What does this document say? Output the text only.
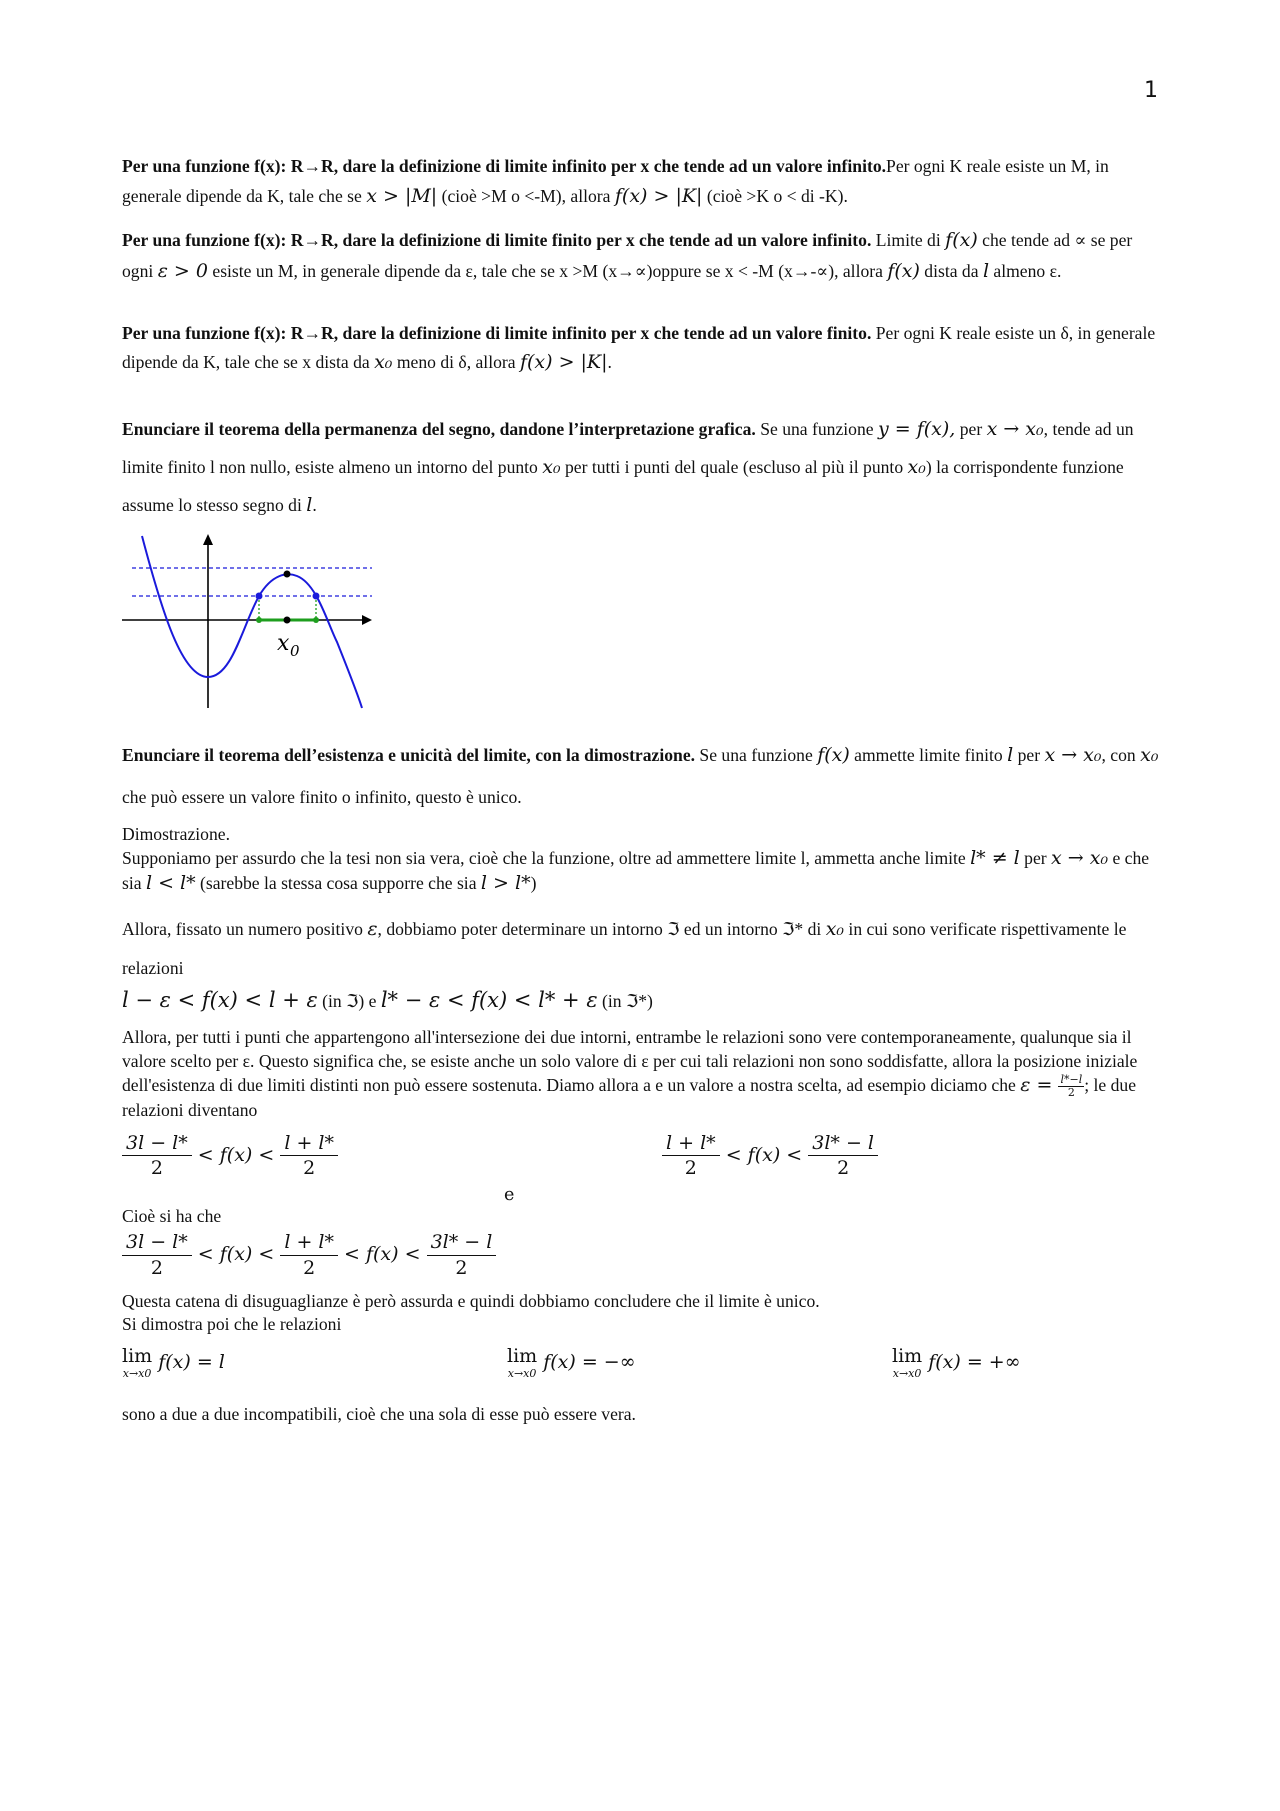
1

Per una funzione f(x): R→R, dare la definizione di limite infinito per x che tende ad un valore infinito.Per ogni K reale esiste un M, in generale dipende da K, tale che se x > |M| (cioè >M o <-M), allora f(x) > |K| (cioè >K o < di -K).

Per una funzione f(x): R→R, dare la definizione di limite finito per x che tende ad un valore infinito. Limite di f(x) che tende ad ∝ se per ogni ε > 0 esiste un M, in generale dipende da ε, tale che se x >M (x→∝)oppure se x < -M (x→-∝), allora f(x) dista da l almeno ε.

Per una funzione f(x): R→R, dare la definizione di limite infinito per x che tende ad un valore finito. Per ogni K reale esiste un δ, in generale dipende da K, tale che se x dista da x₀ meno di δ, allora f(x) > |K|.

Enunciare il teorema della permanenza del segno, dandone l’interpretazione grafica. Se una funzione y = f(x), per x → x₀, tende ad un limite finito l non nullo, esiste almeno un intorno del punto x₀ per tutti i punti del quale (escluso al più il punto x₀) la corrispondente funzione assume lo stesso segno di l.

x 0

Enunciare il teorema dell’esistenza e unicità del limite, con la dimostrazione. Se una funzione f(x) ammette limite finito l per x → x₀, con x₀ che può essere un valore finito o infinito, questo è unico.

Dimostrazione.

Supponiamo per assurdo che la tesi non sia vera, cioè che la funzione, oltre ad ammettere limite l, ammetta anche limite l* ≠ l per x → x₀ e che sia l < l* (sarebbe la stessa cosa supporre che sia l > l*)

Allora, fissato un numero positivo ε, dobbiamo poter determinare un intorno ℑ ed un intorno ℑ* di x₀ in cui sono verificate rispettivamente le relazioni

l − ε < f(x) < l + ε (in ℑ) e l* − ε < f(x) < l* + ε (in ℑ*)

Allora, per tutti i punti che appartengono all'intersezione dei due intorni, entrambe le relazioni sono vere contemporaneamente, qualunque sia il valore scelto per ε. Questo significa che, se esiste anche un solo valore di ε per cui tali relazioni non sono soddisfatte, allora la posizione iniziale dell'esistenza di due limiti distinti non può essere sostenuta. Diamo allora a e un valore a nostra scelta, ad esempio diciamo che $\varepsilon = \frac{l*-l}{2}$ ; le due relazioni diventano

$\frac{3l - l*}{2} < f(x) < \frac{l + l*}{2}$
e
$\frac{l + l*}{2} < f(x) < \frac{3l* - l}{2}$

Cioè si ha che

$\frac{3l - l*}{2} < f(x) < \frac{l + l*}{2} < f(x) < \frac{3l* - l}{2}$

Questa catena di disuguaglianze è però assurda e quindi dobbiamo concludere che il limite è unico.

Si dimostra poi che le relazioni

lim
x→x0
f(x) = l	lim
x→x0
f(x) = −∞	lim
x→x0
f(x) = +∞

sono a due a due incompatibili, cioè che una sola di esse può essere vera.
